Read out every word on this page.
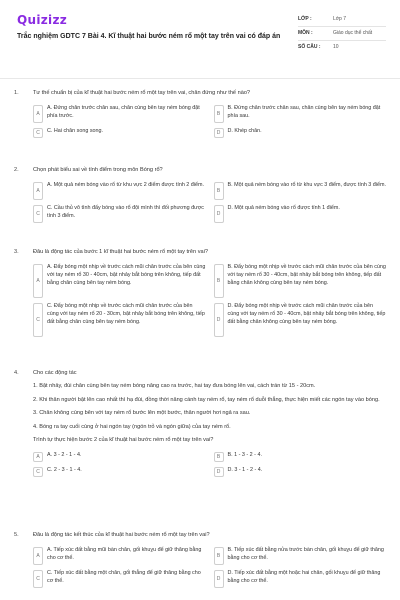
Quizizz
Trắc nghiệm GDTC 7 Bài 4. Kĩ thuật hai bước ném rổ một tay trên vai có đáp án
LỚP :	Lớp 7
MÔN :	Giáo dục thể chất
SỐ CÂU :	10
1.	Tư thế chuẩn bị của kĩ thuật hai bước ném rổ một tay trên vai, chân đứng như thế nào?
A
A. Đứng chân trước chân sau, chân cùng bên tay ném bóng đặt phía trước.	B
B. Đứng chân trước chân sau, chân cùng bên tay ném bóng đặt phía sau.
C	C. Hai chân song song.	D	D. Khép chân.
2.	Chọn phát biểu sai về tính điểm trong môn Bóng rổ?
A
A. Một quả ném bóng vào rổ từ khu vực 2 điểm được tính 2 điểm.
B
B. Một quả ném bóng vào rổ từ khu vực 3 điểm, được tính 3 điểm.
C
C. Cầu thủ vô tình đẩy bóng vào rổ đội mình thì đối phương được tính 3 điểm.	D
D. Một quả ném bóng vào rổ được tính 1 điểm.
3.	Đâu là động tác của bước 1 kĩ thuật hai bước ném rổ một tay trên vai?
A
A. Đẩy bóng một nhịp về trước cách mũi chân trước của bên cùng với tay ném rổ 30 - 40cm, bật nhảy bắt bóng trên không, tiếp đất bằng chân cùng bên tay ném bóng.	B
B. Đẩy bóng một nhịp về trước cách mũi chân trước của bên cùng với tay ném rổ 30 - 40cm, bật nhảy bắt bóng trên không, tiếp đất bằng chân không cùng bên tay ném bóng.
C
C. Đẩy bóng một nhịp về trước cách mũi chân trước của bên cùng với tay ném rổ 20 - 30cm, bật nhảy bắt bóng trên không, tiếp đất bằng chân cùng bên tay ném bóng.	D
D. Đẩy bóng một nhịp về trước cách mũi chân trước của bên cùng với tay ném rổ 30 - 40cm, bật nhảy bắt bóng trên không, tiếp đất bằng chân không cùng bên tay ném bóng.
4.	Cho các động tác
1. Bật nhảy, đùi chân cùng bên tay ném bóng nâng cao ra trước, hai tay đưa bóng lên vai, cách trán từ 15 - 20cm.
2. Khi thân người bật lên cao nhất thì hạ đùi, đồng thời nâng cánh tay ném rổ, tay ném rổ duỗi thẳng, thực hiện miết các ngón tay vào bóng.
3. Chân không cùng bên với tay ném rổ bước lên một bước, thân người hơi ngả ra sau.
4. Bóng ra tay cuối cùng ở hai ngón tay (ngón trỏ và ngón giữa) của tay ném rổ.
Trình tự thực hiện bước 2 của kĩ thuật hai bước ném rổ một tay trên vai?
A	A. 3 - 2 - 1 - 4.	B	B. 1 - 3 - 2 - 4.
C	C. 2 - 3 - 1 - 4.	D	D. 3 - 1 - 2 - 4.
5.	Đâu là động tác kết thúc của kĩ thuật hai bước ném rổ một tay trên vai?
A
A. Tiếp xúc đất bằng mũi bàn chân, gối khuỵu để giữ thăng bằng cho cơ thể.	B
B. Tiếp xúc đất bằng nửa trước bàn chân, gối khuỵu để giữ thăng bằng cho cơ thể.
C
C. Tiếp xúc đất bằng một chân, gối thẳng để giữ thăng bằng cho cơ thể.	D
D. Tiếp xúc đất bằng một hoặc hai chân, gối khuỵu để giữ thăng bằng cho cơ thể.
